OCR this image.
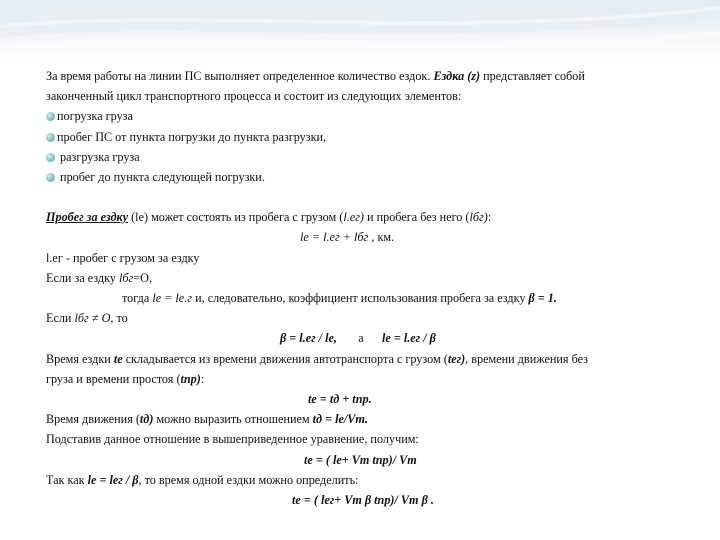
За время работы на линии ПС выполняет определенное количество ездок. Ездка (z) представляет собой
законченный цикл транспортного процесса и состоит из следующих элементов:
погрузка груза
пробег ПС от пункта погрузки до пункта разгрузки,
разгрузка груза
пробег до пункта следующей погрузки.
Пробег за ездку (lе) может состоять из пробега с грузом (l.ег) и пробега без него (lбг):
lе = l.ег + lбг , км.
l.ег - пробег с грузом за ездку
Если за ездку lбг=O,
тогда lе = lе.г и, следовательно, коэффициент использования пробега за ездку β = 1.
Если lбг ≠ O, то
β = l.ег / lе, а lе = l.ег / β
Время ездки tе складывается из времени движения автотранспорта с грузом (tег), времени движения без
груза и времени простоя (tпр):
tе = tд + tпр.
Время движения (tд) можно выразить отношением tд = lе/Vт.
Подставив данное отношение в вышеприведенное уравнение, получим:
tе = ( lе+ Vт tпр)/ Vт
Так как lе = lег / β, то время одной ездки можно определить:
tе = ( lег+ Vт β tпр)/ Vт β .
